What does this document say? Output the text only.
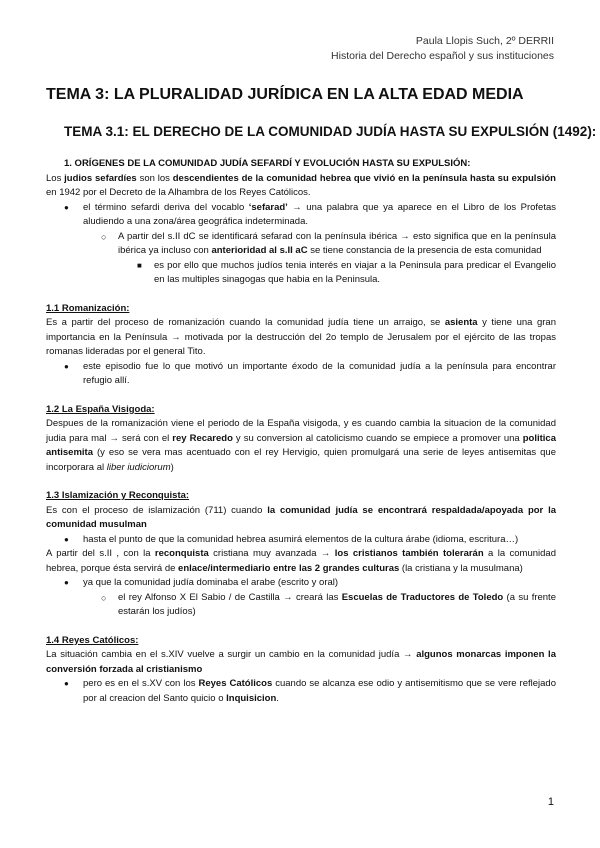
Paula Llopis Such, 2º DERRII
Historia del Derecho español y sus instituciones
TEMA 3: LA PLURALIDAD JURÍDICA EN LA ALTA EDAD MEDIA
TEMA 3.1: EL DERECHO DE LA COMUNIDAD JUDÍA HASTA SU EXPULSIÓN (1492):

1. ORÍGENES DE LA COMUNIDAD JUDÍA SEFARDÍ Y EVOLUCIÓN HASTA SU EXPULSIÓN:

Los judios sefardíes son los descendientes de la comunidad hebrea que vivió en la península hasta su expulsión en 1942 por el Decreto de la Alhambra de los Reyes Católicos.

● el término sefardi deriva del vocablo ‘sefarad’ → una palabra que ya aparece en el Libro de los Profetas aludiendo a una zona/área geográfica indeterminada.
○ A partir del s.II dC se identificará sefarad con la península ibérica → esto significa que en la península ibérica ya incluso con anterioridad al s.II aC se tiene constancia de la presencia de esta comunidad
■ es por ello que muchos judíos tenia interés en viajar a la Peninsula para predicar el Evangelio en las multiples sinagogas que habia en la Peninsula.

1.1 Romanización:

Es a partir del proceso de romanización cuando la comunidad judía tiene un arraigo, se asienta y tiene una gran importancia en la Península → motivada por la destrucción del 2o templo de Jerusalem por el ejército de las tropas romanas lideradas por el general Tito.

● este episodio fue lo que motivó un importante éxodo de la comunidad judía a la península para encontrar refugio allí.

1.2 La España Visigoda:

Despues de la romanización viene el periodo de la España visigoda, y es cuando cambia la situacion de la comunidad judia para mal → será con el rey Recaredo y su conversion al catolicismo cuando se empiece a promover una politica antisemita (y eso se vera mas acentuado con el rey Hervigio, quien promulgará una serie de leyes antisemitas que incorporara al liber iudiciorum)

1.3 Islamización y Reconquista:

Es con el proceso de islamización (711) cuando la comunidad judía se encontrará respaldada/apoyada por la comunidad musulman

● hasta el punto de que la comunidad hebrea asumirá elementos de la cultura árabe (idioma, escritura…)

A partir del s.II , con la reconquista cristiana muy avanzada → los cristianos también tolerarán a la comunidad hebrea, porque ésta servirá de enlace/intermediario entre las 2 grandes culturas (la cristiana y la musulmana)

● ya que la comunidad judía dominaba el arabe (escrito y oral)
○ el rey Alfonso X El Sabio / de Castilla → creará las Escuelas de Traductores de Toledo (a su frente estarán los judíos)

1.4 Reyes Católicos:

La situación cambia en el s.XIV vuelve a surgir un cambio en la comunidad judía → algunos monarcas imponen la conversión forzada al cristianismo

● pero es en el s.XV con los Reyes Católicos cuando se alcanza ese odio y antisemitismo que se vere reflejado por al creacion del Santo quicio o Inquisicion.
1
